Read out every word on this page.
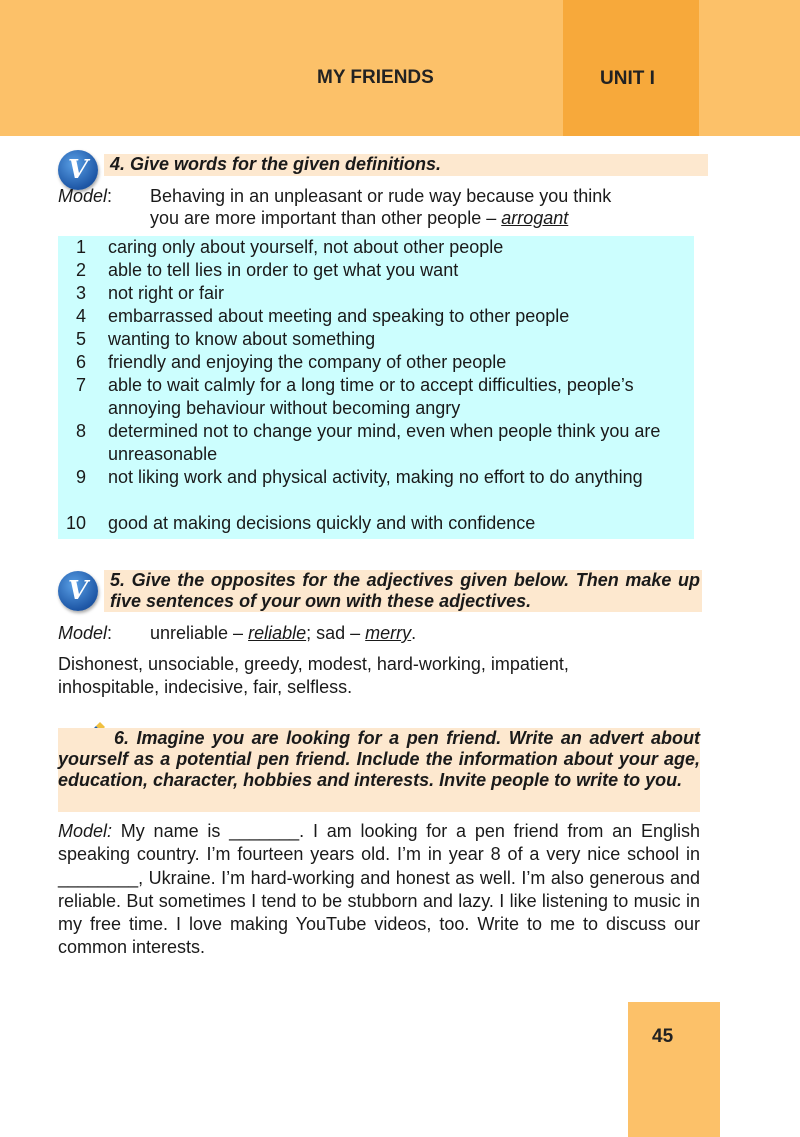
MY FRIENDS	UNIT I
V	4. Give words for the given definitions.
Model:	Behaving in an unpleasant or rude way because you think
you are more important than other people – arrogant
1 caring only about yourself, not about other people
2 able to tell lies in order to get what you want
3 not right or fair
4 embarrassed about meeting and speaking to other people
5 wanting to know about something
6 friendly and enjoying the company of other people
7 able to wait calmly for a long time or to accept difficulties, people’s annoying behaviour without becoming angry
8 determined not to change your mind, even when people think you are unreasonable
9 not liking work and physical activity, making no effort to do anything
10 good at making decisions quickly and with confidence
V	5. Give the opposites for the adjectives given below. Then make up five sentences of your own with these adjectives.
Model:	unreliable – reliable; sad – merry.
Dishonest, unsociable, greedy, modest, hard-working, impatient, inhospitable, indecisive, fair, selfless.
6. Imagine you are looking for a pen friend. Write an advert about yourself as a potential pen friend. Include the information about your age, education, character, hobbies and interests. Invite people to write to you.
Model: My name is _______. I am looking for a pen friend from an English speaking country. I’m fourteen years old. I’m in year 8 of a very nice school in ________, Ukraine. I’m hard-working and honest as well. I’m also generous and reliable. But sometimes I tend to be stubborn and lazy. I like listening to music in my free time. I love making YouTube videos, too. Write to me to discuss our common interests.
45
